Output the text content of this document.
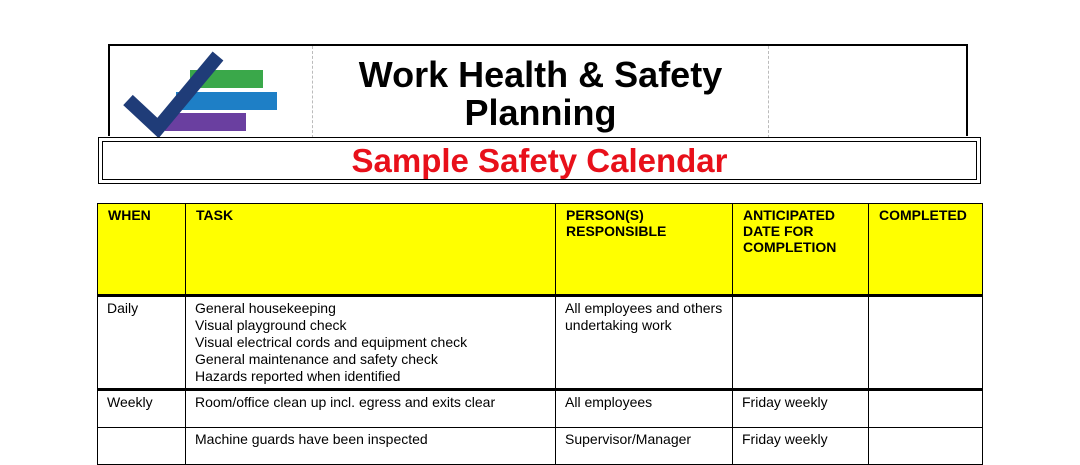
Work Health & Safety
Planning
Sample Safety Calendar
WHEN	TASK	PERSON(S) RESPONSIBLE	ANTICIPATED DATE FOR COMPLETION	COMPLETED
Daily	General housekeeping
Visual playground check
Visual electrical cords and equipment check
General maintenance and safety check
Hazards reported when identified	All employees and others undertaking work		
Weekly	Room/office clean up incl. egress and exits clear	All employees	Friday weekly	

	Machine guards have been inspected	Supervisor/Manager	Friday weekly	
